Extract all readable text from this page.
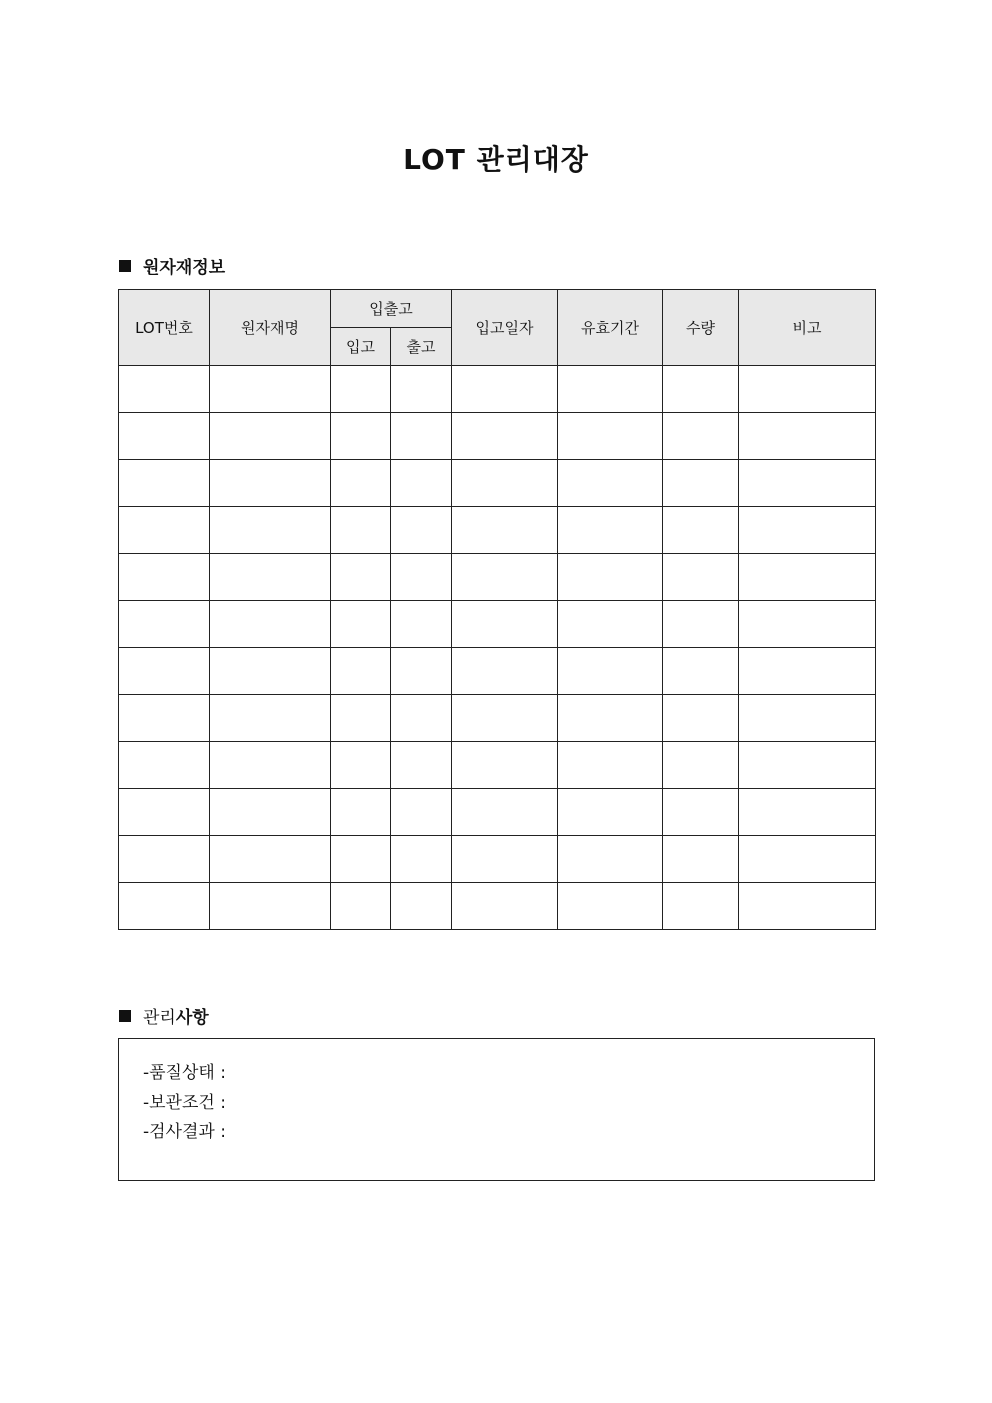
LOT 관리대장
원자재정보
LOT번호	원자재명	입출고		입고일자	유효기간	수량	비고
		입고	출고				

관리 사항
-품질상태 :
-보관조건 :
-검사결과 :
